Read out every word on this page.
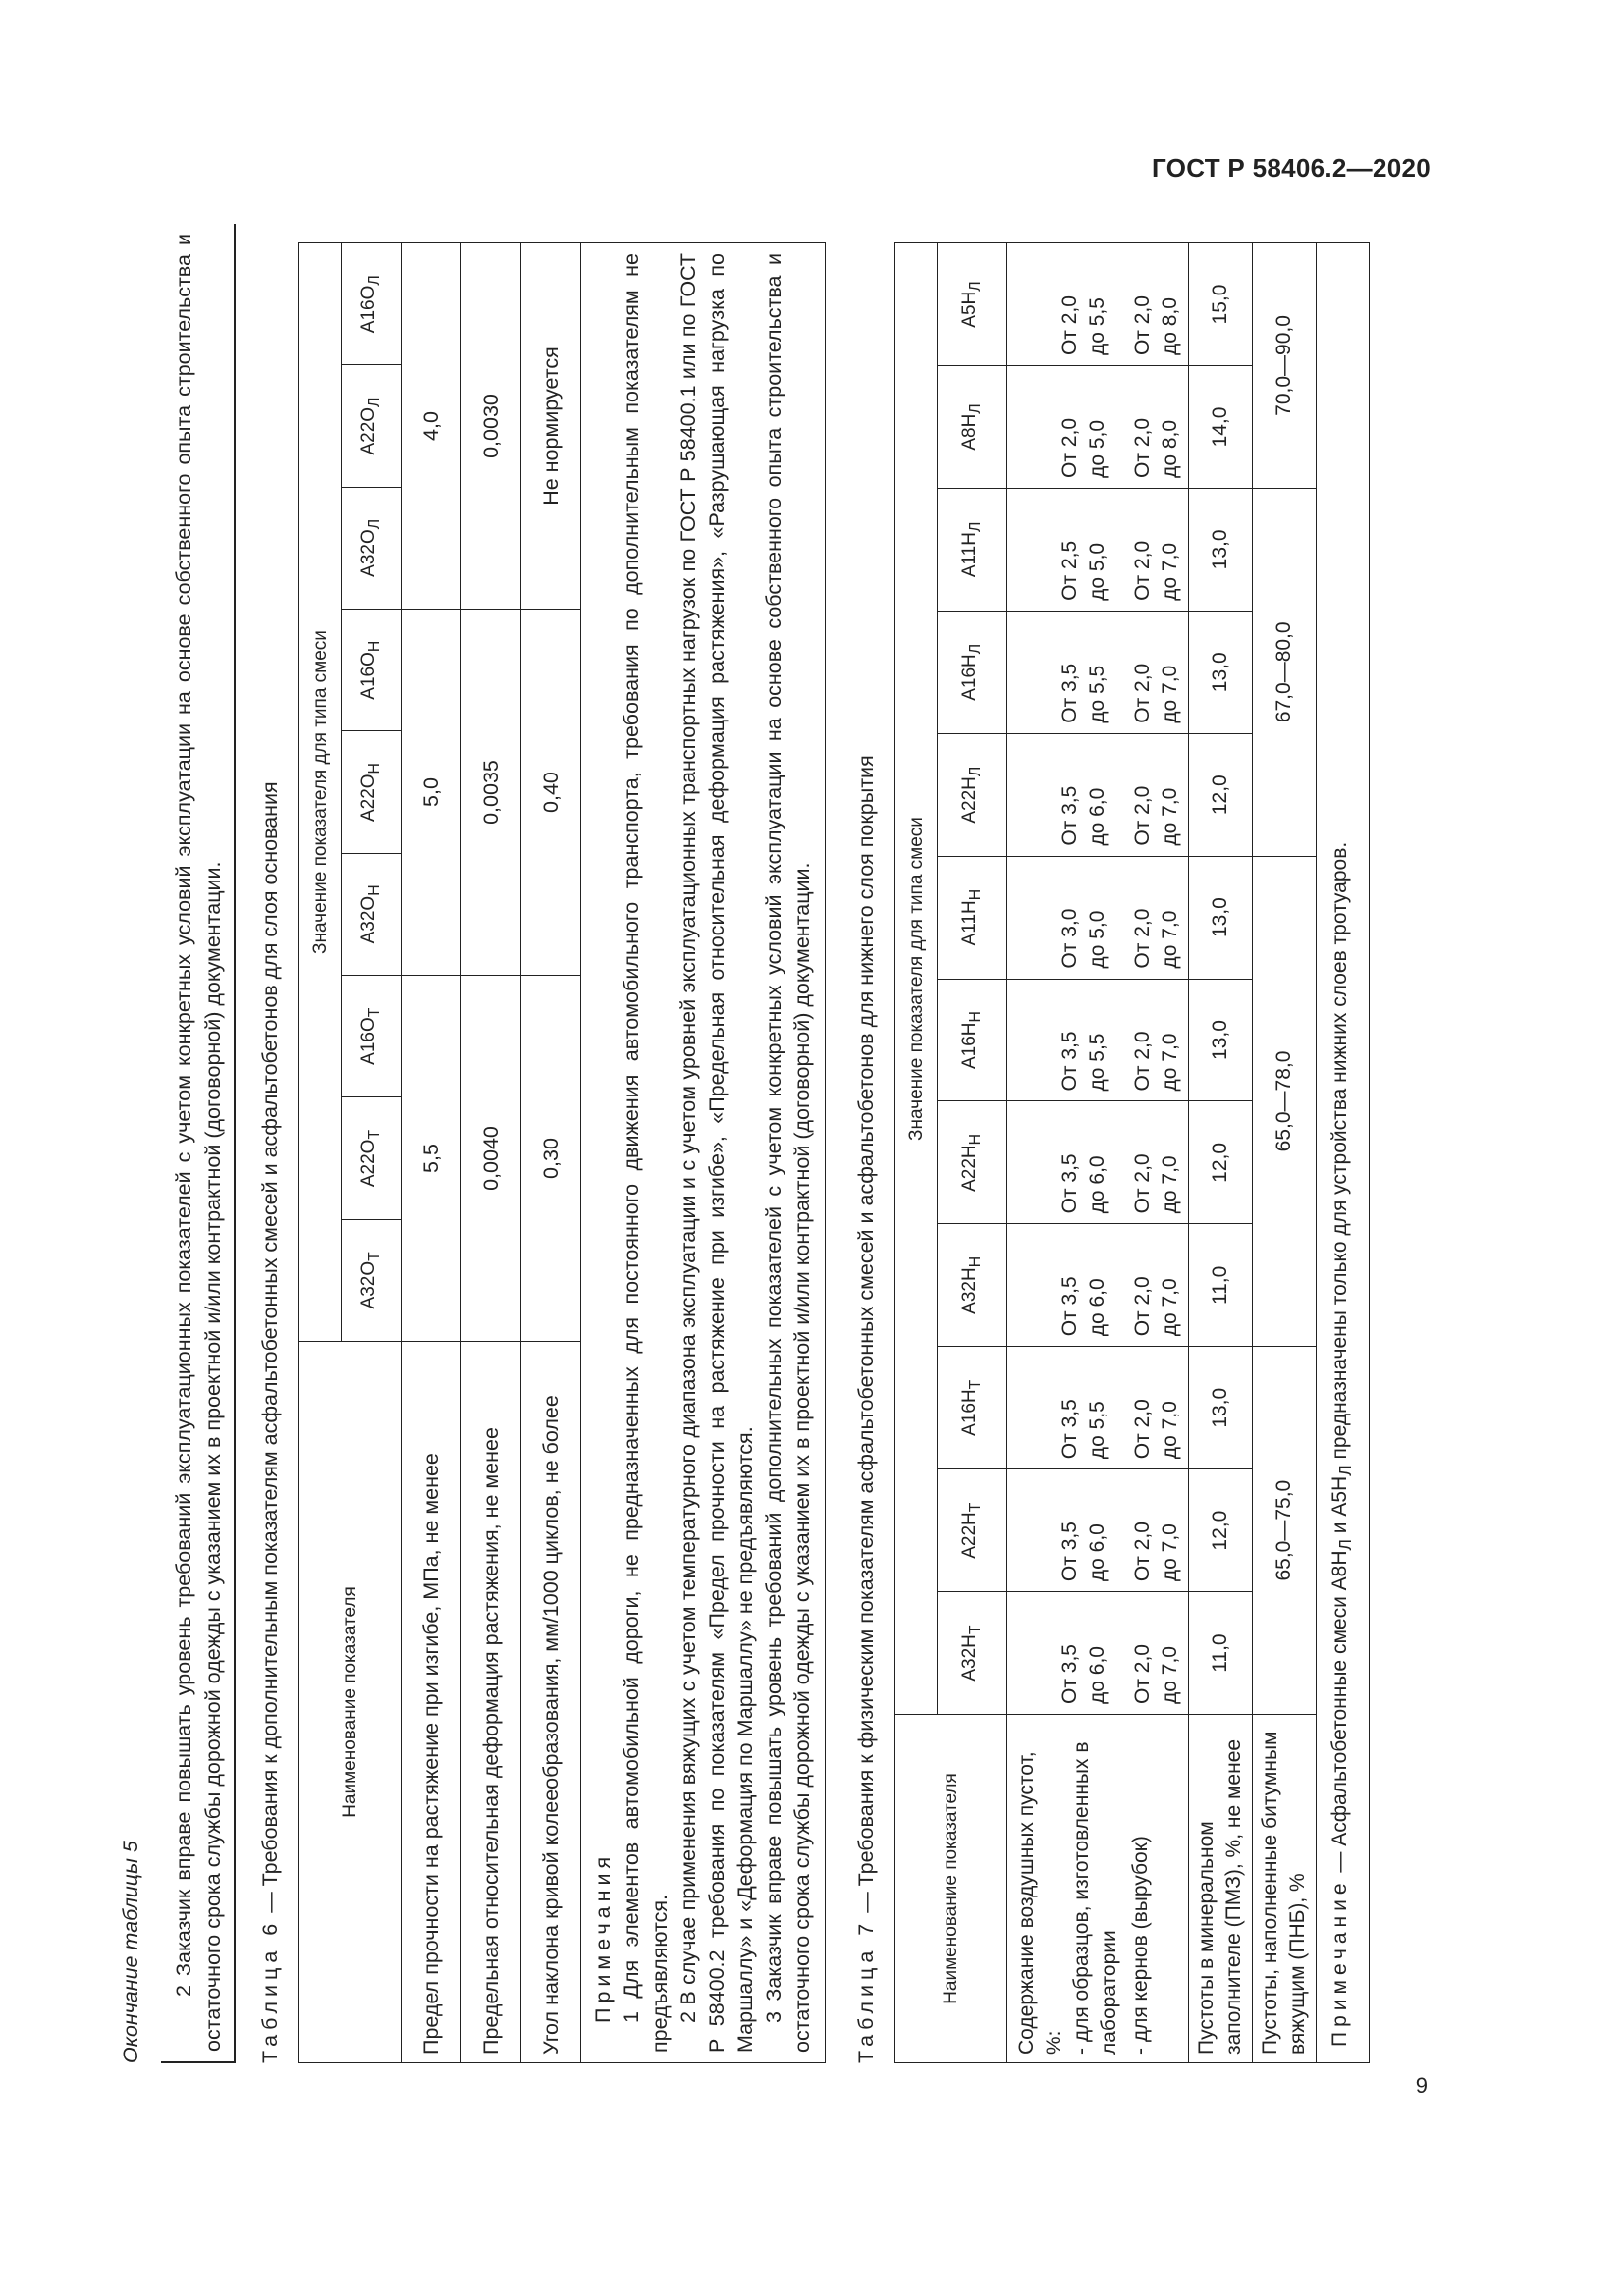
ГОСТ Р 58406.2—2020
9

Окончание таблицы 5 2 Заказчик вправе повышать уровень требований эксплуатационных показателей с учетом конкретных условий эксплуатации на основе собственного опыта строительства и остаточного срока службы дорожной одежды с указанием их в проектной и/или контрактной (договорной) документации. Таблица 6 — Требования к дополнительным показателям асфальтобетонных смесей и асфальтобетонов для слоя основания	Наименование показателя	Значение показателя для типа смеси								
	$А32О_Т$	$А22О_Т$	$А16О_Т$	$А32О_Н$	$А22О_Н$	$А16О_Н$	$А32О_Л$	$А22О_Л$	$А16О_Л$
Предел прочности на растяжение при изгибе, МПа, не менее	5,5			5,0			4,0		
Предельная относительная деформация растяжения, не менее	0,0040			0,0035			0,0030		
Угол наклона кривой колееобразования, мм/1000 циклов, не более	0,30			0,40			Не нормируется		

Примечания 1 Для элементов автомобильной дороги, не предназначенных для постоянного движения автомобильного транспорта, требования по дополнительным показателям не предъявляются. 2 В случае применения вяжущих с учетом температурного диапазона эксплуатации и с учетом уровней эксплуатационных транспортных нагрузок по ГОСТ Р 58400.1 или по ГОСТ Р 58400.2 требования по показателям «Предел прочности на растяжение при изгибе», «Предельная относительная деформация растяжения», «Разрушающая нагрузка по Маршаллу» и «Деформация по Маршаллу» не предъявляются. 3 Заказчик вправе повышать уровень требований дополнительных показателей с учетом конкретных условий эксплуатации на основе собственного опыта строительства и остаточного срока службы дорожной одежды с указанием их в проектной и/или контрактной (договорной) документации.									Таблица 7 — Требования к физическим показателям асфальтобетонных смесей и асфальтобетонов для нижнего слоя покрытия	Наименование показателя	Значение показателя для типа смеси											
	$А32Н_Т$	$А22Н_Т$	$А16Н_Т$	$А32Н_Н$	$А22Н_Н$	$А16Н_Н$	$А11Н_Н$	$А22Н_Л$	$А16Н_Л$	$А11Н_Л$	$А8Н_Л$	$А5Н_Л$

Содержание воздушных пустот, %: - для образцов, изготовленных в лаборатории	От 3,5 до 6,0	От 3,5 до 6,0	От 3,5 до 5,5	От 3,5 до 6,0	От 3,5 до 6,0	От 3,5 до 5,5	От 3,0 до 5,0	От 3,5 до 6,0	От 3,5 до 5,5	От 2,5 до 5,0	От 2,0 до 5,0	От 2,0 до 5,5

- для кернов (вырубок)	От 2,0 до 7,0	От 2,0 до 7,0	От 2,0 до 7,0	От 2,0 до 7,0	От 2,0 до 7,0	От 2,0 до 7,0	От 2,0 до 7,0	От 2,0 до 7,0	От 2,0 до 7,0	От 2,0 до 7,0	От 2,0 до 8,0	От 2,0 до 8,0

Пустоты в минеральном заполнителе (ПМЗ), %, не менее	11,0	12,0	13,0	11,0	12,0	13,0	13,0	12,0	13,0	13,0	14,0	15,0
Пустоты, наполненные битумным вяжущим (ПНБ), %	65,0—75,0			65,0—78,0				67,0—80,0			70,0—90,0	
Примечание — Асфальтобетонные смеси $А8Н_Л$ и $А5Н_Л$ предназначены только для устройства нижних слоев тротуаров.												
